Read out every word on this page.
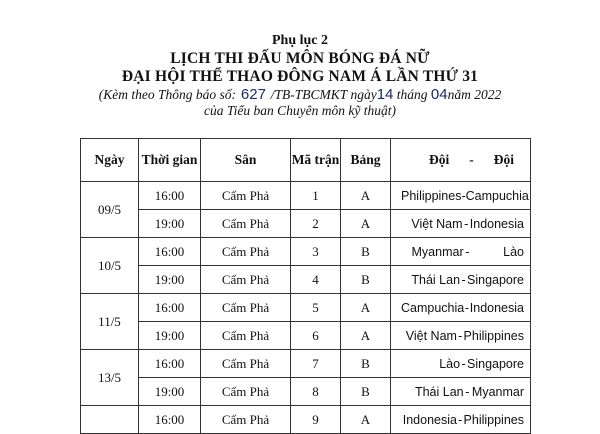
Phụ lục 2
LỊCH THI ĐẤU MÔN BÓNG ĐÁ NỮ
ĐẠI HỘI THỂ THAO ĐÔNG NAM Á LẦN THỨ 31
(Kèm theo Thông báo số: 627 /TB-TBCMKT ngày14 tháng 04năm 2022
của Tiểu ban Chuyên môn kỹ thuật)
Ngày	Thời gian	Sân	Mã trận	Bảng	Đội - Đội

09/5	16:00	Cẩm Phả	1	A	Philippines - Campuchia

	19:00	Cẩm Phả	2	A	Việt Nam - Indonesia

10/5	16:00	Cẩm Phả	3	B	Myanmar - Lào

	19:00	Cẩm Phả	4	B	Thái Lan - Singapore

11/5	16:00	Cẩm Phả	5	A	Campuchia - Indonesia

	19:00	Cẩm Phả	6	A	Việt Nam - Philippines

13/5	16:00	Cẩm Phả	7	B	Lào - Singapore

	19:00	Cẩm Phả	8	B	Thái Lan - Myanmar

	16:00	Cẩm Phả	9	A	Indonesia - Philippines
